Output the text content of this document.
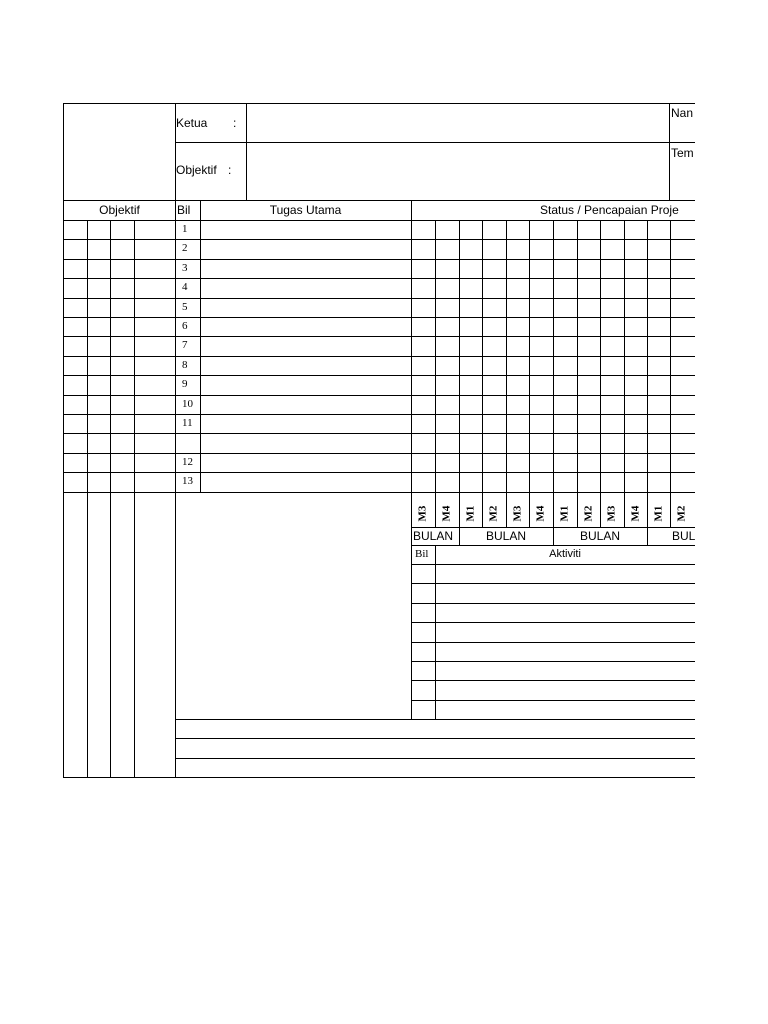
Ketua :
Objektif :
Nan
Tem
Objektif	Bil	Tugas Utama	Status / Pencapaian Proje
1
2
3
4
5
6
7
8
9
10
11
12
13
M3 M4 M1 M2 M3 M4 M1 M2 M3 M4 M1 M2
BULAN	BULAN	BULAN	BUL
Bil	Aktiviti
